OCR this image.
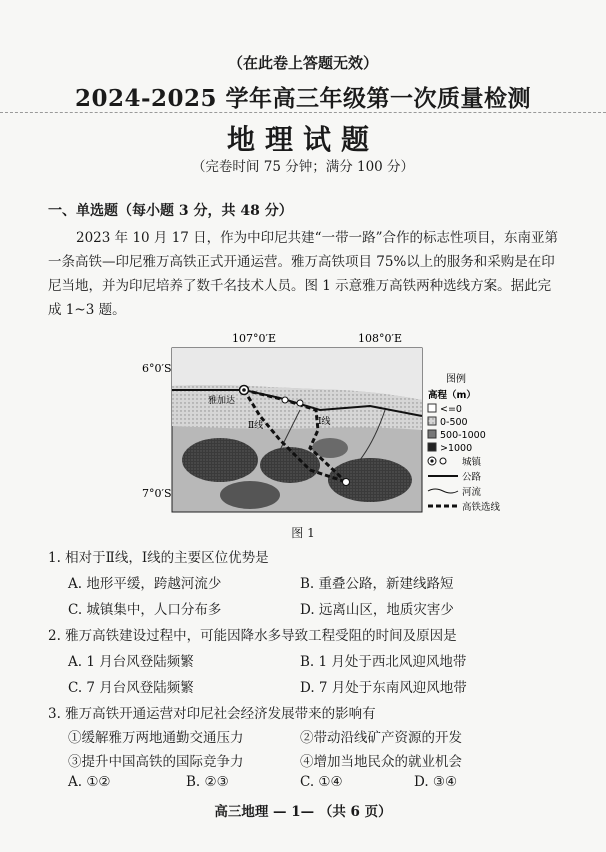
（在此卷上答题无效）
2024-2025 学年高三年级第一次质量检测
地理试题
（完卷时间 75 分钟；满分 100 分）
一、单选题（每小题 3 分，共 48 分）
2023 年 10 月 17 日，作为中印尼共建“一带一路”合作的标志性项目，东南亚第一条高铁—印尼雅万高铁正式开通运营。雅万高铁项目 75%以上的服务和采购是在印尼当地，并为印尼培养了数千名技术人员。图 1 示意雅万高铁两种选线方案。据此完成 1~3 题。
107°0′E	108°0′E
6°0′S
7°0′S
雅加达
Ⅱ线	Ⅰ线
图例
高程（m）
<=0
0-500
500-1000
>1000
城镇
公路
河流
高铁选线
图 1
1. 相对于Ⅱ线，Ⅰ线的主要区位优势是
A. 地形平缓，跨越河流少	B. 重叠公路，新建线路短
C. 城镇集中，人口分布多	D. 远离山区，地质灾害少
2. 雅万高铁建设过程中，可能因降水多导致工程受阻的时间及原因是
A. 1 月台风登陆频繁	B. 1 月处于西北风迎风地带
C. 7 月台风登陆频繁	D. 7 月处于东南风迎风地带
3. 雅万高铁开通运营对印尼社会经济发展带来的影响有
①缓解雅万两地通勤交通压力	②带动沿线矿产资源的开发
③提升中国高铁的国际竞争力	④增加当地民众的就业机会
A. ①②	B. ②③	C. ①④	D. ③④
高三地理 — 1— （共 6 页）
